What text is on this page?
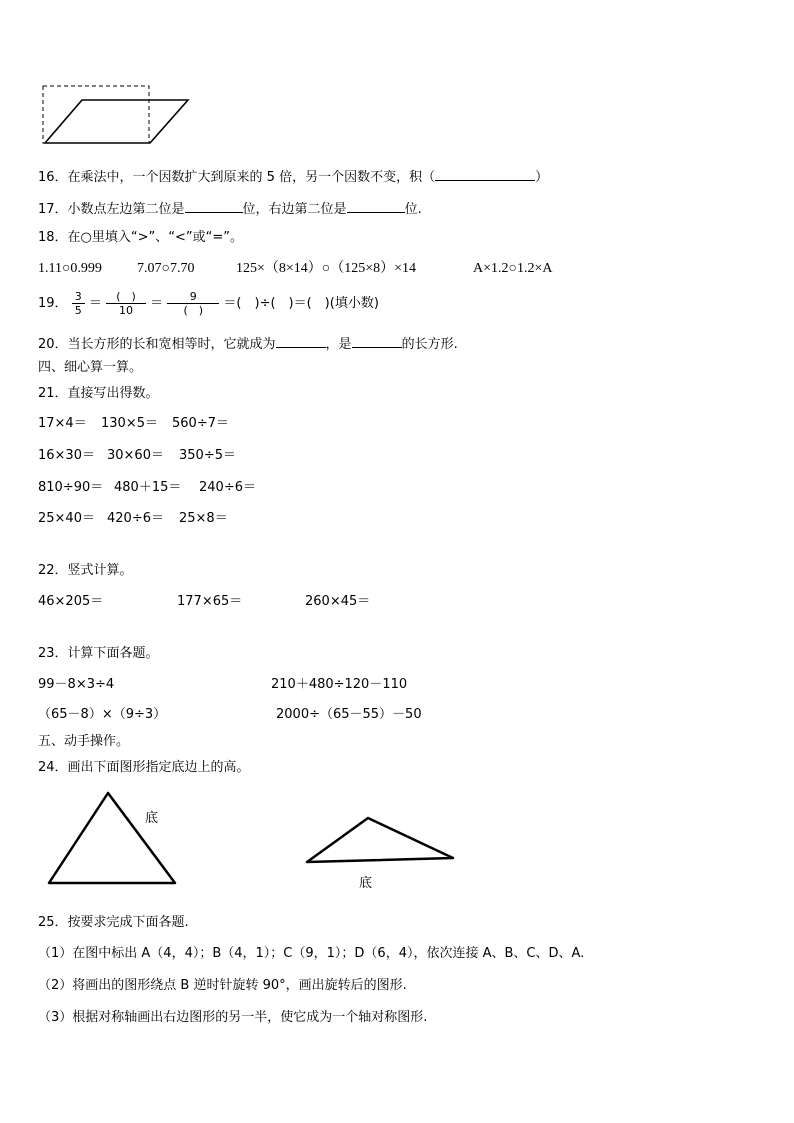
16．在乘法中，一个因数扩大到原来的 5 倍，另一个因数不变，积（	）
17．小数点左边第二位是	位，右边第二位是	位.
18．在○里填入“>”、“<”或“=”。
1.11○0.999	7.07○7.70	125×（8×14）○（125×8）×14	A×1.2○1.2×A
19． $\frac{3}{5} = \frac{( )}{10} = \frac{9}{( )}$ ＝(　)÷(　)＝(　)(填小数)
20．当长方形的长和宽相等时，它就成为	，是	的长方形.
四、细心算一算。
21．直接写出得数。
17×4＝ 130×5＝ 560÷7＝
16×30＝ 30×60＝ 350÷5＝
810÷90＝ 480＋15＝ 240÷6＝
25×40＝ 420÷6＝ 25×8＝
22．竖式计算。
46×205＝	177×65＝	260×45＝
23．计算下面各题。
99－8×3÷4	210＋480÷120－110
（65－8）×（9÷3）	2000÷（65－55）－50
五、动手操作。
24．画出下面图形指定底边上的高。
底
底
25．按要求完成下面各题.
（1）在图中标出 A（4，4）；B（4，1）；C（9，1）；D（6，4），依次连接 A、B、C、D、A.
（2）将画出的图形绕点 B 逆时针旋转 90°，画出旋转后的图形.
（3）根据对称轴画出右边图形的另一半，使它成为一个轴对称图形.
